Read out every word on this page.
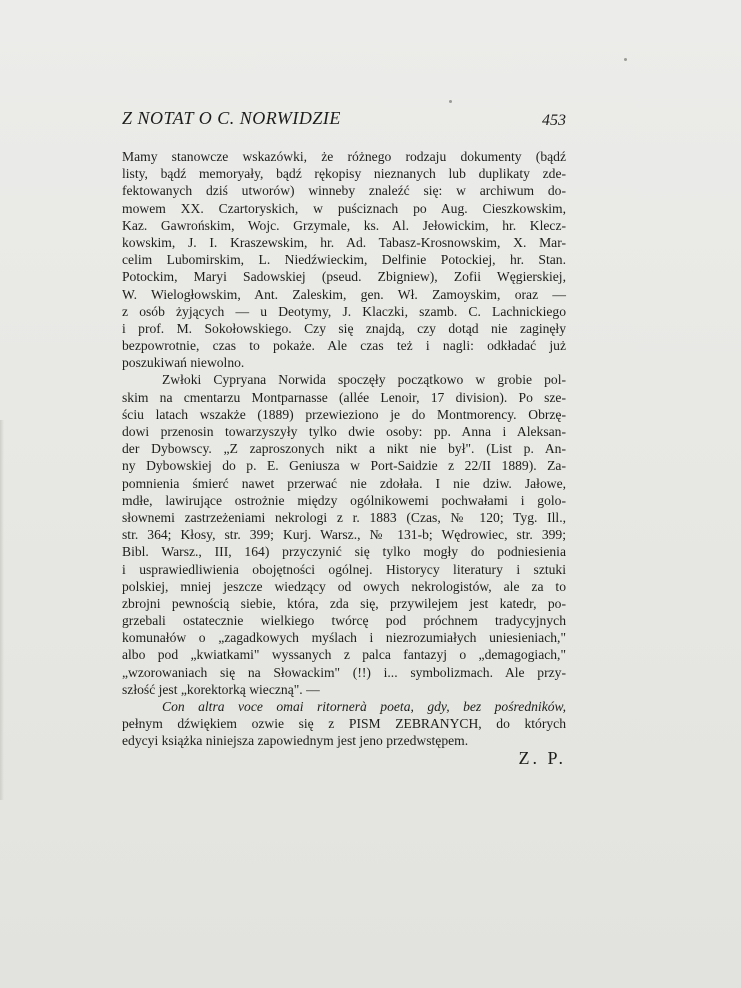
Z NOTAT O C. NORWIDZIE	453
Mamy stanowcze wskazówki, że różnego rodzaju dokumenty (bądź
listy, bądź memoryały, bądź rękopisy nieznanych lub duplikaty zde-
fektowanych dziś utworów) winneby znaleźć się: w archiwum do-
mowem XX. Czartoryskich, w puściznach po Aug. Cieszkowskim,
Kaz. Gawrońskim, Wojc. Grzymale, ks. Al. Jełowickim, hr. Klecz-
kowskim, J. I. Kraszewskim, hr. Ad. Tabasz-Krosnowskim, X. Mar-
celim Lubomirskim, L. Niedźwieckim, Delfinie Potockiej, hr. Stan.
Potockim, Maryi Sadowskiej (pseud. Zbigniew), Zofii Węgierskiej,
W. Wielogłowskim, Ant. Zaleskim, gen. Wł. Zamoyskim, oraz —
z osób żyjących — u Deotymy, J. Klaczki, szamb. C. Lachnickiego
i prof. M. Sokołowskiego. Czy się znajdą, czy dotąd nie zaginęły
bezpowrotnie, czas to pokaże. Ale czas też i nagli: odkładać już
poszukiwań niewolno.
Zwłoki Cypryana Norwida spoczęły początkowo w grobie pol-
skim na cmentarzu Montparnasse (allée Lenoir, 17 division). Po sze-
ściu latach wszakże (1889) przewieziono je do Montmorency. Obrzę-
dowi przenosin towarzyszyły tylko dwie osoby: pp. Anna i Aleksan-
der Dybowscy. „Z zaproszonych nikt a nikt nie był". (List p. An-
ny Dybowskiej do p. E. Geniusza w Port-Saidzie z 22/II 1889). Za-
pomnienia śmierć nawet przerwać nie zdołała. I nie dziw. Jałowe,
mdłe, lawirujące ostrożnie między ogólnikowemi pochwałami i golo-
słownemi zastrzeżeniami nekrologi z r. 1883 (Czas, № 120; Tyg. Ill.,
str. 364; Kłosy, str. 399; Kurj. Warsz., № 131-b; Wędrowiec, str. 399;
Bibl. Warsz., III, 164) przyczynić się tylko mogły do podniesienia
i usprawiedliwienia obojętności ogólnej. Historycy literatury i sztuki
polskiej, mniej jeszcze wiedzący od owych nekrologistów, ale za to
zbrojni pewnością siebie, która, zda się, przywilejem jest katedr, po-
grzebali ostatecznie wielkiego twórcę pod próchnem tradycyjnych
komunałów o „zagadkowych myślach i niezrozumiałych uniesieniach,"
albo pod „kwiatkami" wyssanych z palca fantazyj o „demagogiach,"
„wzorowaniach się na Słowackim" (!!) i... symbolizmach. Ale przy-
szłość jest „korektorką wieczną". —
Con altra voce omai ritornerà poeta, gdy, bez pośredników,
pełnym dźwiękiem ozwie się z PISM ZEBRANYCH, do których
edycyi książka niniejsza zapowiednym jest jeno przedwstępem.
Z. P.
